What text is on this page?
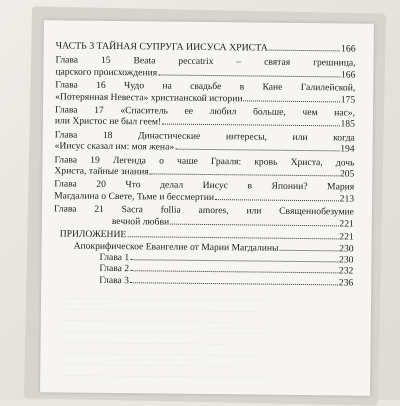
— — — — — — — — — — — — — — — — — — — —
— — — — — — — — — — — — — — — — — — —
— — — — — — — — — — — — — — — — —
— — — — — — — — — — — — — — — — — — — —
— — — — — — — — — — — — — — — —
— — — — — — — — — — — — — — — — — — —
— — — — — — — — — — — — — — — — —
— — — — — — — — — — — — — — — — — — — —
ЧАСТЬ 3 ТАЙНАЯ СУПРУГА ИИСУСА ХРИСТА	166
Глава 15 Beata peccatrix – святая грешница,
царского происхождения	166
Глава 16 Чудо на свадьбе в Кане Галилейской,
«Потерянная Невеста» христианской истории	175
Глава 17 «Спаситель ее любил больше, чем нас»,
или Христос не был геем!	185
Глава 18 Династические интересы, или когда
«Иисус сказал им: моя жена»	194
Глава 19 Легенда о чаше Грааля: кровь Христа, дочь
Христа, тайные знания	205
Глава 20 Что делал Иисус в Японии? Мария
Магдалина о Свете, Тьме и бессмертии	213
Глава 21 Sacra follia amores, или Священнобезумие
вечной любви	221
ПРИЛОЖЕНИЕ	221
Апокрифическое Евангелие от Марии Магдалины	230
Глава 1	230
Глава 2	232
Глава 3	236
